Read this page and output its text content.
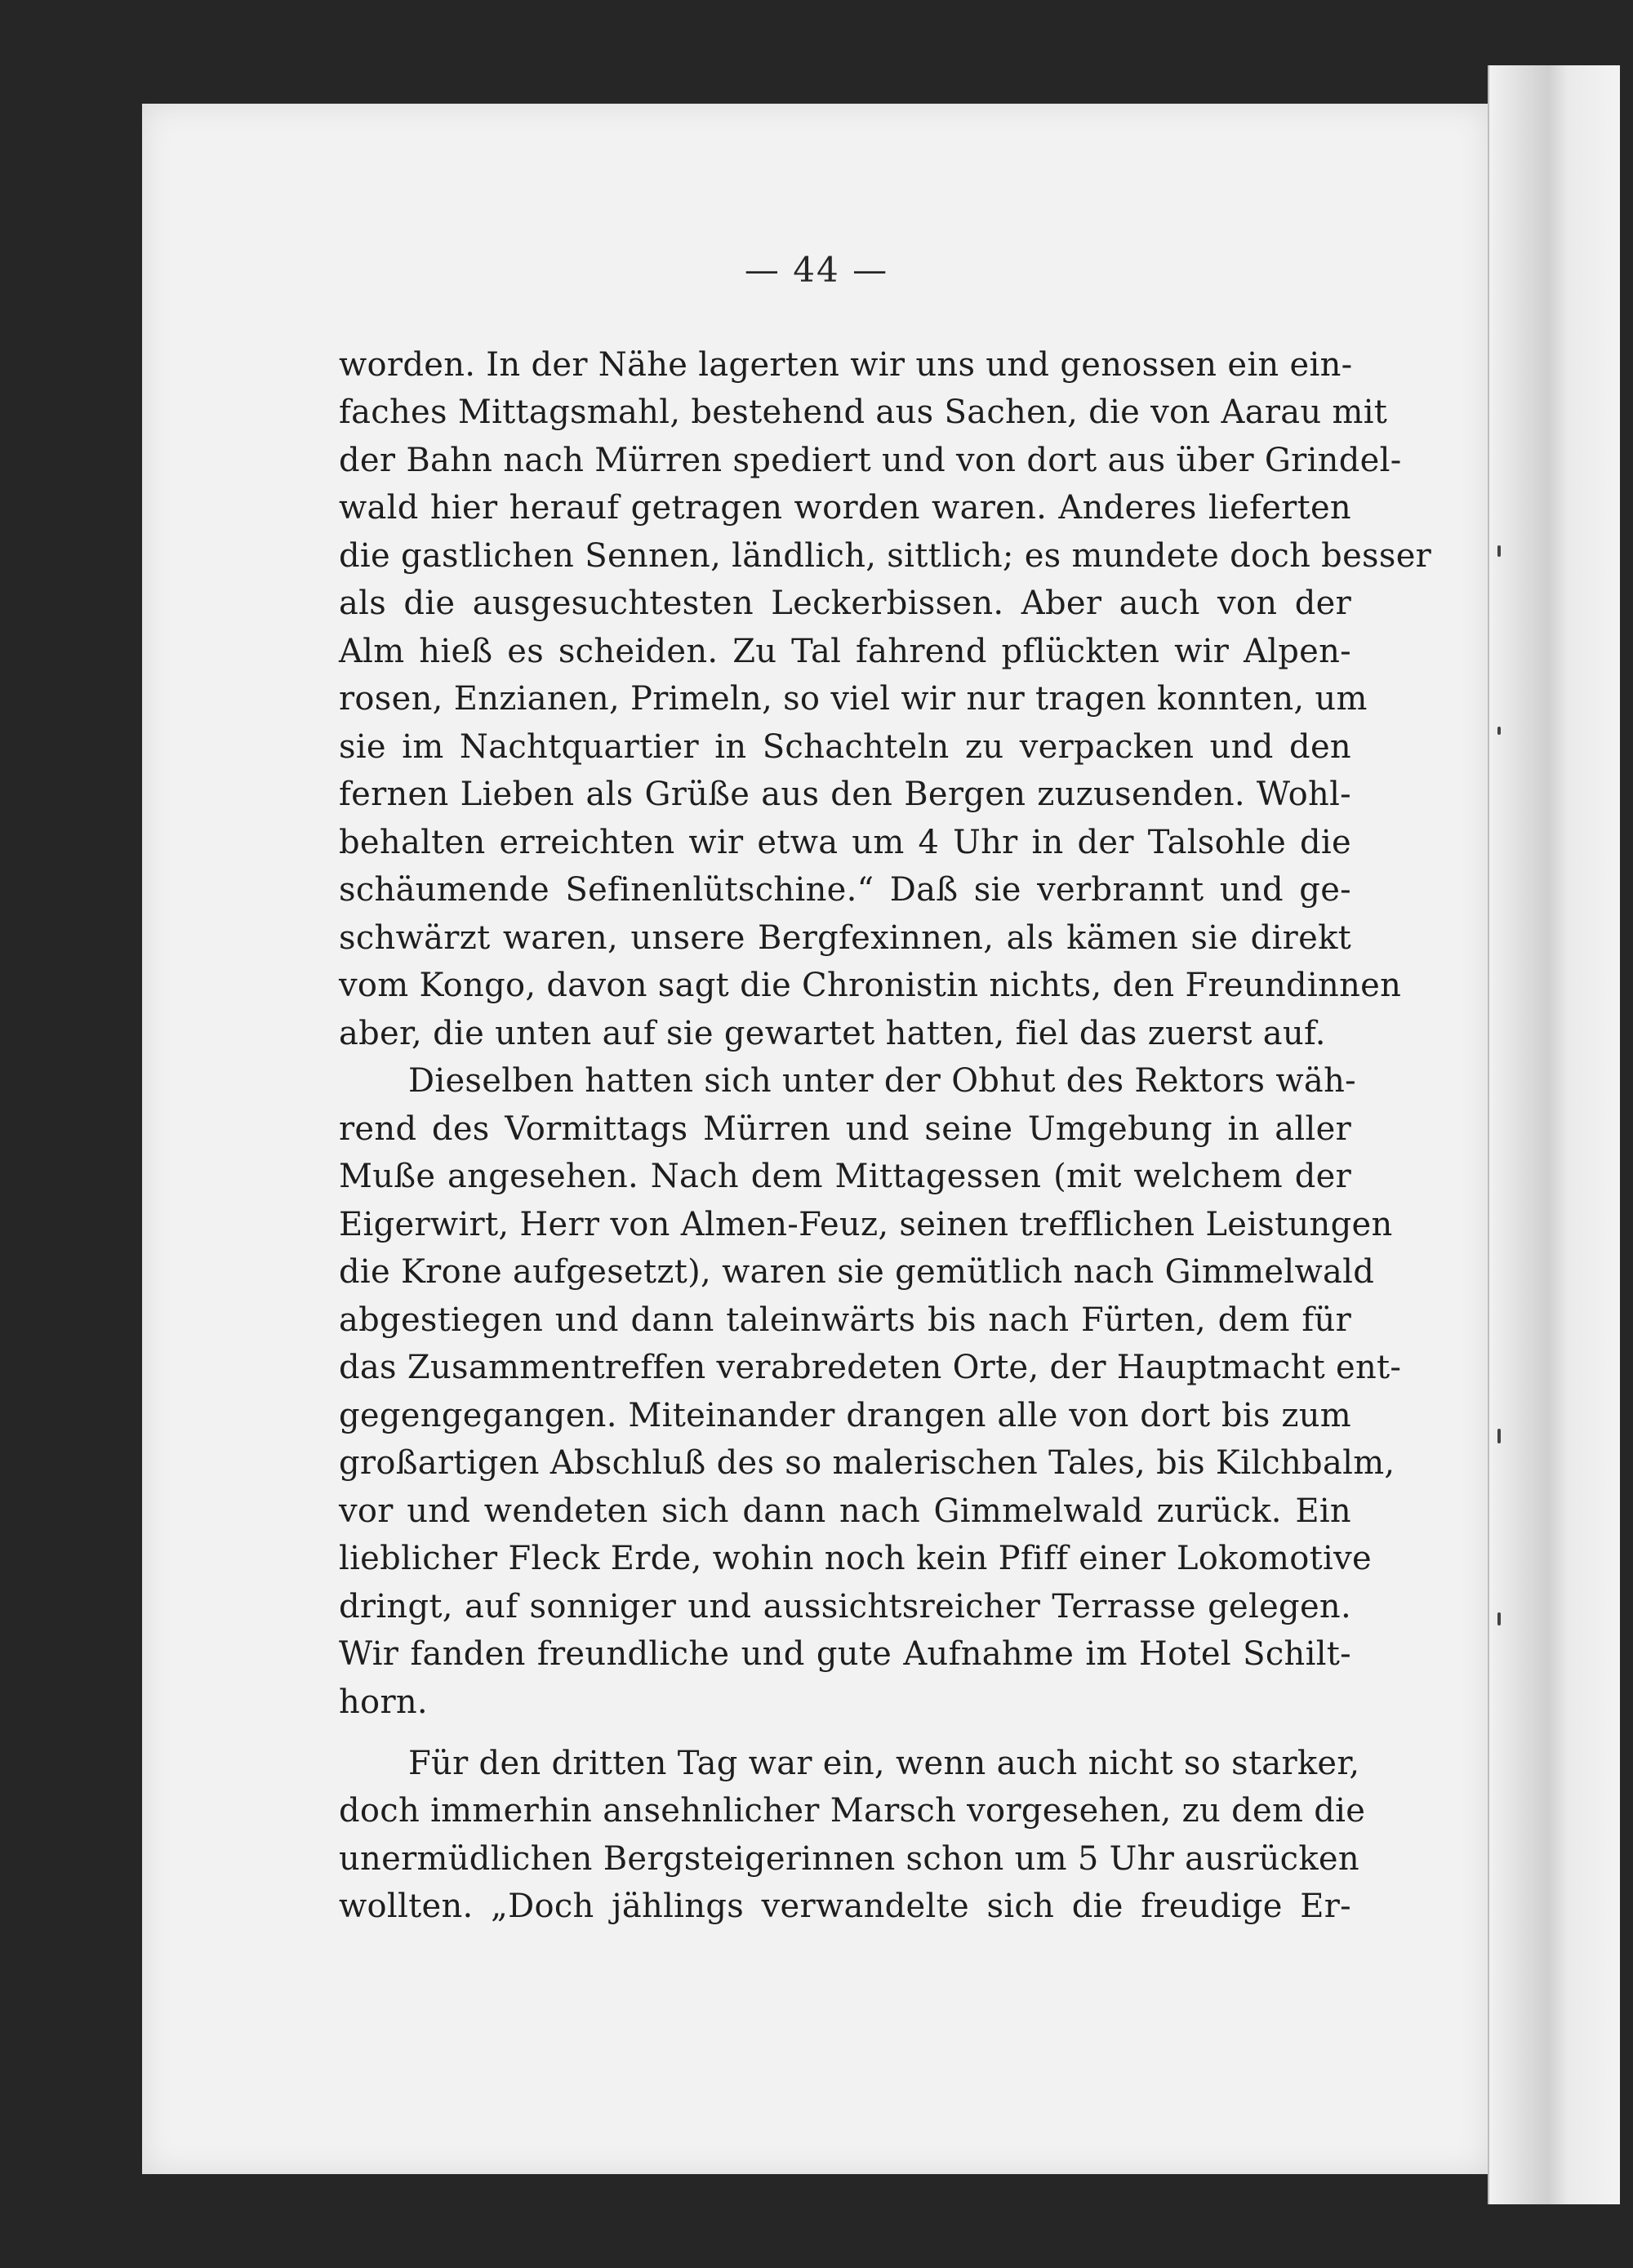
— 44 —
worden. In der Nähe lagerten wir uns und genossen ein ein-
faches Mittagsmahl, bestehend aus Sachen, die von Aarau mit
der Bahn nach Mürren spediert und von dort aus über Grindel-
wald hier herauf getragen worden waren. Anderes lieferten
die gastlichen Sennen, ländlich, sittlich; es mundete doch besser
als die ausgesuchtesten Leckerbissen. Aber auch von der
Alm hieß es scheiden. Zu Tal fahrend pflückten wir Alpen-
rosen, Enzianen, Primeln, so viel wir nur tragen konnten, um
sie im Nachtquartier in Schachteln zu verpacken und den
fernen Lieben als Grüße aus den Bergen zuzusenden. Wohl-
behalten erreichten wir etwa um 4 Uhr in der Talsohle die
schäumende Sefinenlütschine.“ Daß sie verbrannt und ge-
schwärzt waren, unsere Bergfexinnen, als kämen sie direkt
vom Kongo, davon sagt die Chronistin nichts, den Freundinnen
aber, die unten auf sie gewartet hatten, fiel das zuerst auf.
Dieselben hatten sich unter der Obhut des Rektors wäh-
rend des Vormittags Mürren und seine Umgebung in aller
Muße angesehen. Nach dem Mittagessen (mit welchem der
Eigerwirt, Herr von Almen-Feuz, seinen trefflichen Leistungen
die Krone aufgesetzt), waren sie gemütlich nach Gimmelwald
abgestiegen und dann taleinwärts bis nach Fürten, dem für
das Zusammentreffen verabredeten Orte, der Hauptmacht ent-
gegengegangen. Miteinander drangen alle von dort bis zum
großartigen Abschluß des so malerischen Tales, bis Kilchbalm,
vor und wendeten sich dann nach Gimmelwald zurück. Ein
lieblicher Fleck Erde, wohin noch kein Pfiff einer Lokomotive
dringt, auf sonniger und aussichtsreicher Terrasse gelegen.
Wir fanden freundliche und gute Aufnahme im Hotel Schilt-
horn.
Für den dritten Tag war ein, wenn auch nicht so starker,
doch immerhin ansehnlicher Marsch vorgesehen, zu dem die
unermüdlichen Bergsteigerinnen schon um 5 Uhr ausrücken
wollten. „Doch jählings verwandelte sich die freudige Er-
